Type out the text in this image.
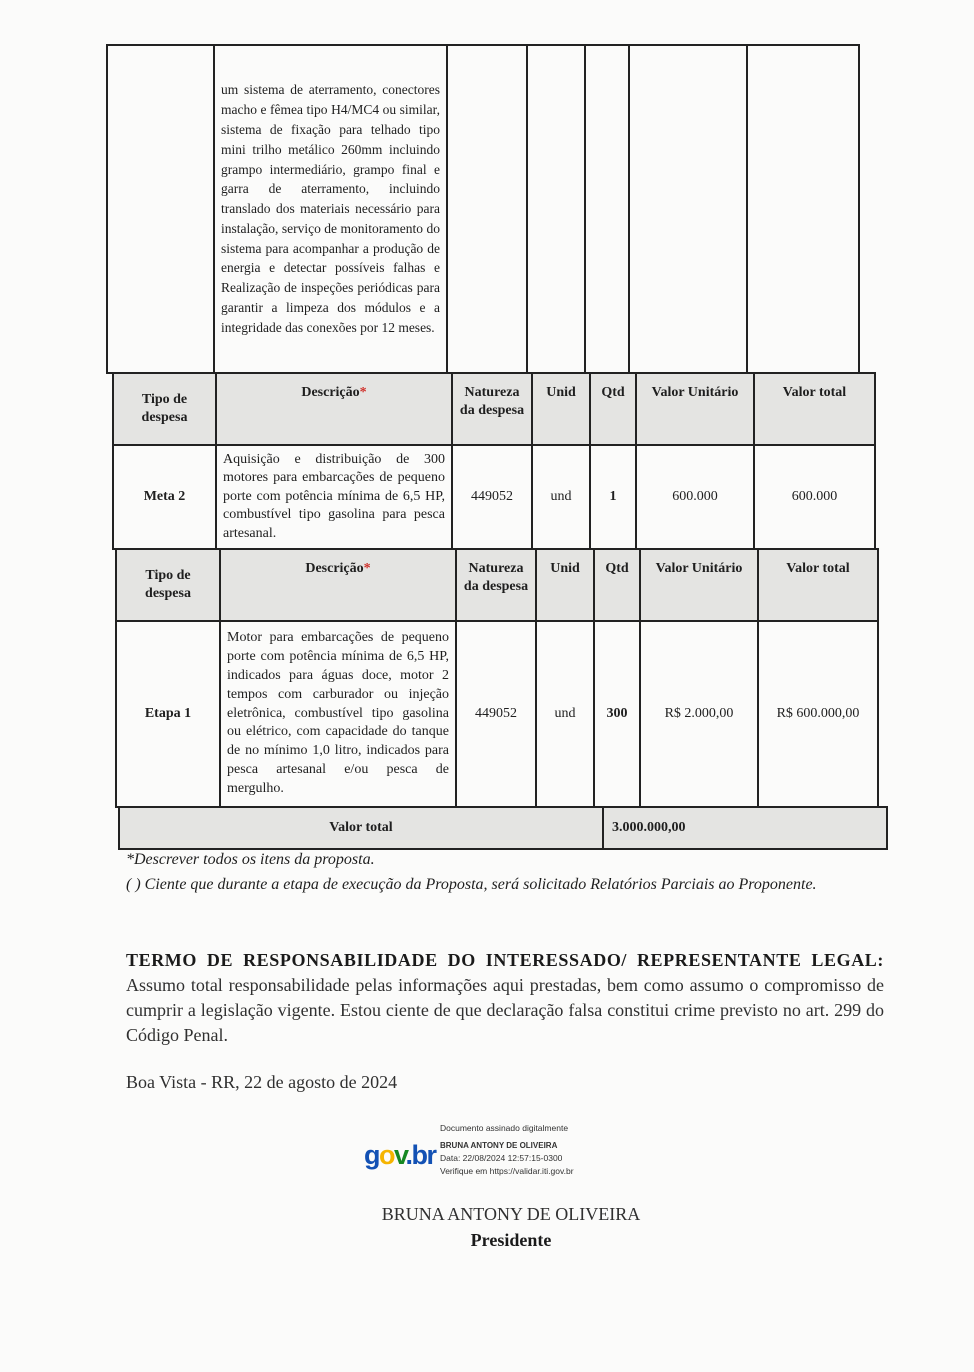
	um sistema de aterramento, conectores macho e fêmea tipo H4/MC4 ou similar, sistema de fixação para telhado tipo mini trilho metálico 260mm incluindo grampo intermediário, grampo final e garra de aterramento, incluindo translado dos materiais necessário para instalação, serviço de monitoramento do sistema para acompanhar a produção de energia e detectar possíveis falhas e Realização de inspeções periódicas para garantir a limpeza dos módulos e a integridade das conexões por 12 meses.					
Tipo de despesa	Descrição*	Natureza da despesa	Unid	Qtd	Valor Unitário	Valor total
Meta 2	Aquisição e distribuição de 300 motores para embarcações de pequeno porte com potência mínima de 6,5 HP, combustível tipo gasolina para pesca artesanal.	449052	und	1	600.000	600.000
Tipo de despesa	Descrição*	Natureza da despesa	Unid	Qtd	Valor Unitário	Valor total
Etapa 1	Motor para embarcações de pequeno porte com potência mínima de 6,5 HP, indicados para águas doce, motor 2 tempos com carburador ou injeção eletrônica, combustível tipo gasolina ou elétrico, com capacidade do tanque de no mínimo 1,0 litro, indicados para pesca artesanal e/ou pesca de mergulho.	449052	und	300	R$ 2.000,00	R$ 600.000,00
Valor total	3.000.000,00
*Descrever todos os itens da proposta.
( ) Ciente que durante a etapa de execução da Proposta, será solicitado Relatórios Parciais ao Proponente.
TERMO DE RESPONSABILIDADE DO INTERESSADO/ REPRESENTANTE LEGAL: Assumo total responsabilidade pelas informações aqui prestadas, bem como assumo o compromisso de cumprir a legislação vigente. Estou ciente de que declaração falsa constitui crime previsto no art. 299 do Código Penal.
Boa Vista - RR, 22 de agosto de 2024
gov.br
Documento assinado digitalmente
BRUNA ANTONY DE OLIVEIRA
Data: 22/08/2024 12:57:15-0300
Verifique em https://validar.iti.gov.br
BRUNA ANTONY DE OLIVEIRA
Presidente
